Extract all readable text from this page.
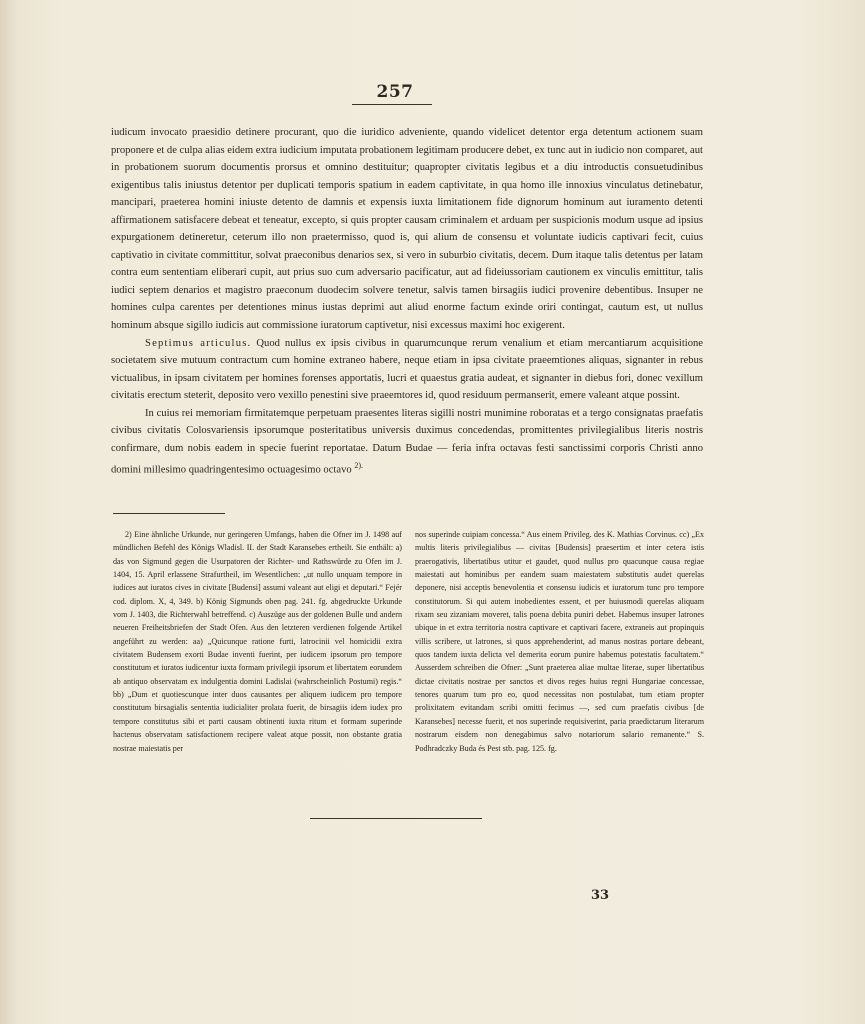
257

iudicum invocato praesidio detinere procurant, quo die iuridico adveniente, quando videlicet detentor erga detentum actionem suam proponere et de culpa alias eidem extra iudicium imputata probationem legitimam producere debet, ex tunc aut in iudicio non comparet, aut in probationem suorum documentis prorsus et omnino destituitur; quapropter civitatis legibus et a diu introductis consuetudinibus exigentibus talis iniustus detentor per duplicati temporis spatium in eadem captivitate, in qua homo ille innoxius vinculatus detinebatur, mancipari, praeterea homini iniuste detento de damnis et expensis iuxta limitationem fide dignorum hominum aut iuramento detenti affirmationem satisfacere debeat et teneatur, excepto, si quis propter causam criminalem et arduam per suspicionis modum usque ad ipsius expurgationem detineretur, ceterum illo non praetermisso, quod is, qui alium de consensu et voluntate iudicis captivari fecit, cuius captivatio in civitate committitur, solvat praeconibus denarios sex, si vero in suburbio civitatis, decem. Dum itaque talis detentus per latam contra eum sententiam eliberari cupit, aut prius suo cum adversario pacificatur, aut ad fideiussoriam cautionem ex vinculis emittitur, talis iudici septem denarios et magistro praeconum duodecim solvere tenetur, salvis tamen birsagiis iudici provenire debentibus. Insuper ne homines culpa carentes per detentiones minus iustas deprimi aut aliud enorme factum exinde oriri contingat, cautum est, ut nullus hominum absque sigillo iudicis aut commissione iuratorum captivetur, nisi excessus maximi hoc exigerent.

Septimus articulus. Quod nullus ex ipsis civibus in quarumcunque rerum venalium et etiam mercantiarum acquisitione societatem sive mutuum contractum cum homine extraneo habere, neque etiam in ipsa civitate praeemtiones aliquas, signanter in rebus victualibus, in ipsam civitatem per homines forenses apportatis, lucri et quaestus gratia audeat, et signanter in diebus fori, donec vexillum civitatis erectum steterit, deposito vero vexillo penestini sive praeemtores id, quod residuum permanserit, emere valeant atque possint.

In cuius rei memoriam firmitatemque perpetuam praesentes literas sigilli nostri munimine roboratas et a tergo consignatas praefatis civibus civitatis Colosvariensis ipsorumque posteritatibus universis duximus concedendas, promittentes privilegialibus literis nostris confirmare, dum nobis eadem in specie fuerint reportatae. Datum Budae — feria infra octavas festi sanctissimi corporis Christi anno domini millesimo quadringentesimo octuagesimo octavo $^{2).}$

2) Eine ähnliche Urkunde, nur geringeren Umfangs, haben die Ofner im J. 1498 auf mündlichen Befehl des Königs Wladisl. II. der Stadt Karansebes ertheilt. Sie enthält: a) das von Sigmund gegen die Usurpatoren der Richter- und Rathswürde zu Ofen im J. 1404, 15. April erlassene Strafurtheil, im Wesentlichen: „ut nullo unquam tempore in iudices aut iuratos cives in civitate [Budensi] assumi valeant aut eligi et deputari.“ Fejér cod. diplom. X, 4, 349. b) König Sigmunds oben pag. 241. fg. abgedruckte Urkunde vom J. 1403, die Richterwahl betreffend. c) Auszüge aus der goldenen Bulle und andern neueren Freiheitsbriefen der Stadt Ofen. Aus den letzteren verdienen folgende Artikel angeführt zu werden: aa) „Quicunque ratione furti, latrocinii vel homicidii extra civitatem Budensem exorti Budae inventi fuerint, per iudicem ipsorum pro tempore constitutum et iuratos iudicentur iuxta formam privilegii ipsorum et libertatem eorundem ab antiquo observatam ex indulgentia domini Ladislai (wahrscheinlich Postumi) regis.“ bb) „Dum et quotiescunque inter duos causantes per aliquem iudicem pro tempore constitutum birsagialis sententia iudicialiter prolata fuerit, de birsagiis idem iudex pro tempore constitutus sibi et parti causam obtinenti iuxta ritum et formam superinde hactenus observatam satisfactionem recipere valeat atque possit, non obstante gratia nostrae maiestatis per

nos superinde cuipiam concessa.“ Aus einem Privileg. des K. Mathias Corvinus. cc) „Ex multis literis privilegialibus — civitas [Budensis] praesertim et inter cetera istis praerogativis, libertatibus utitur et gaudet, quod nullus pro quacunque causa regiae maiestati aut hominibus per eandem suam maiestatem substitutis audet querelas deponere, nisi acceptis benevolentia et consensu iudicis et iuratorum tunc pro tempore constitutorum. Si qui autem inobedientes essent, et per huiusmodi querelas aliquam rixam seu zizaniam moveret, talis poena debita puniri debet. Habemus insuper latrones ubique in et extra territoria nostra captivare et captivari facere, extraneis aut propinquis villis scribere, ut latrones, si quos apprehenderint, ad manus nostras portare debeant, quos tandem iuxta delicta vel demerita eorum punire habemus potestatis facultatem.“ Ausserdem schreiben die Ofner: „Sunt praeterea aliae multae literae, super libertatibus dictae civitatis nostrae per sanctos et divos reges huius regni Hungariae concessae, tenores quarum tum pro eo, quod necessitas non postulabat, tum etiam propter prolixitatem evitandam scribi omitti fecimus —, sed cum praefatis civibus [de Karansebes] necesse fuerit, et nos superinde requisiverint, paria praedictarum literarum nostrarum eisdem non denegabimus salvo notariorum salario remanente.“ S. Podhradczky Buda és Pest stb. pag. 125. fg.

33
